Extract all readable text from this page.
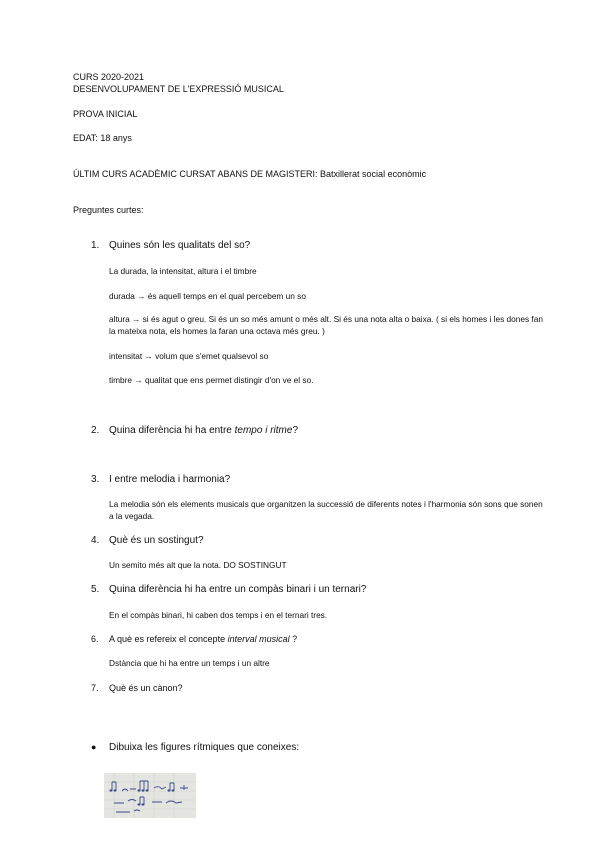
CURS 2020-2021

DESENVOLUPAMENT DE L'EXPRESSIÓ MUSICAL

PROVA INICIAL

EDAT: 18 anys

ÚLTIM CURS ACADÈMIC CURSAT ABANS DE MAGISTERI: Batxillerat social econòmic

Preguntes curtes:

1. Quines són les qualitats del so?
La durada, la intensitat, altura i el timbre
durada → és aquell temps en el qual percebem un so
altura → si és agut o greu. Si és un so més amunt o més alt. Si és una nota alta o baixa. ( si els homes i les dones fan la mateixa nota, els homes la faran una octava més greu. )
intensitat → volum que s'emet qualsevol so
timbre → qualitat que ens permet distingir d'on ve el so.
2. Quina diferència hi ha entre tempo i ritme?
3. I entre melodia i harmonia?
La melodia són els elements musicals que organitzen la successió de diferents notes i l'harmonia són sons que sonen a la vegada.
4. Què és un sostingut?
Un semito més alt que la nota. DO SOSTINGUT
5. Quina diferència hi ha entre un compàs binari i un ternari?
En el compàs binari, hi caben dos temps i en el ternari tres.
6. A què es refereix el concepte interval musical ?
Dstància que hi ha entre un temps i un altre
7. Què és un cànon?
● Dibuixa les figures rítmiques que coneixes:
